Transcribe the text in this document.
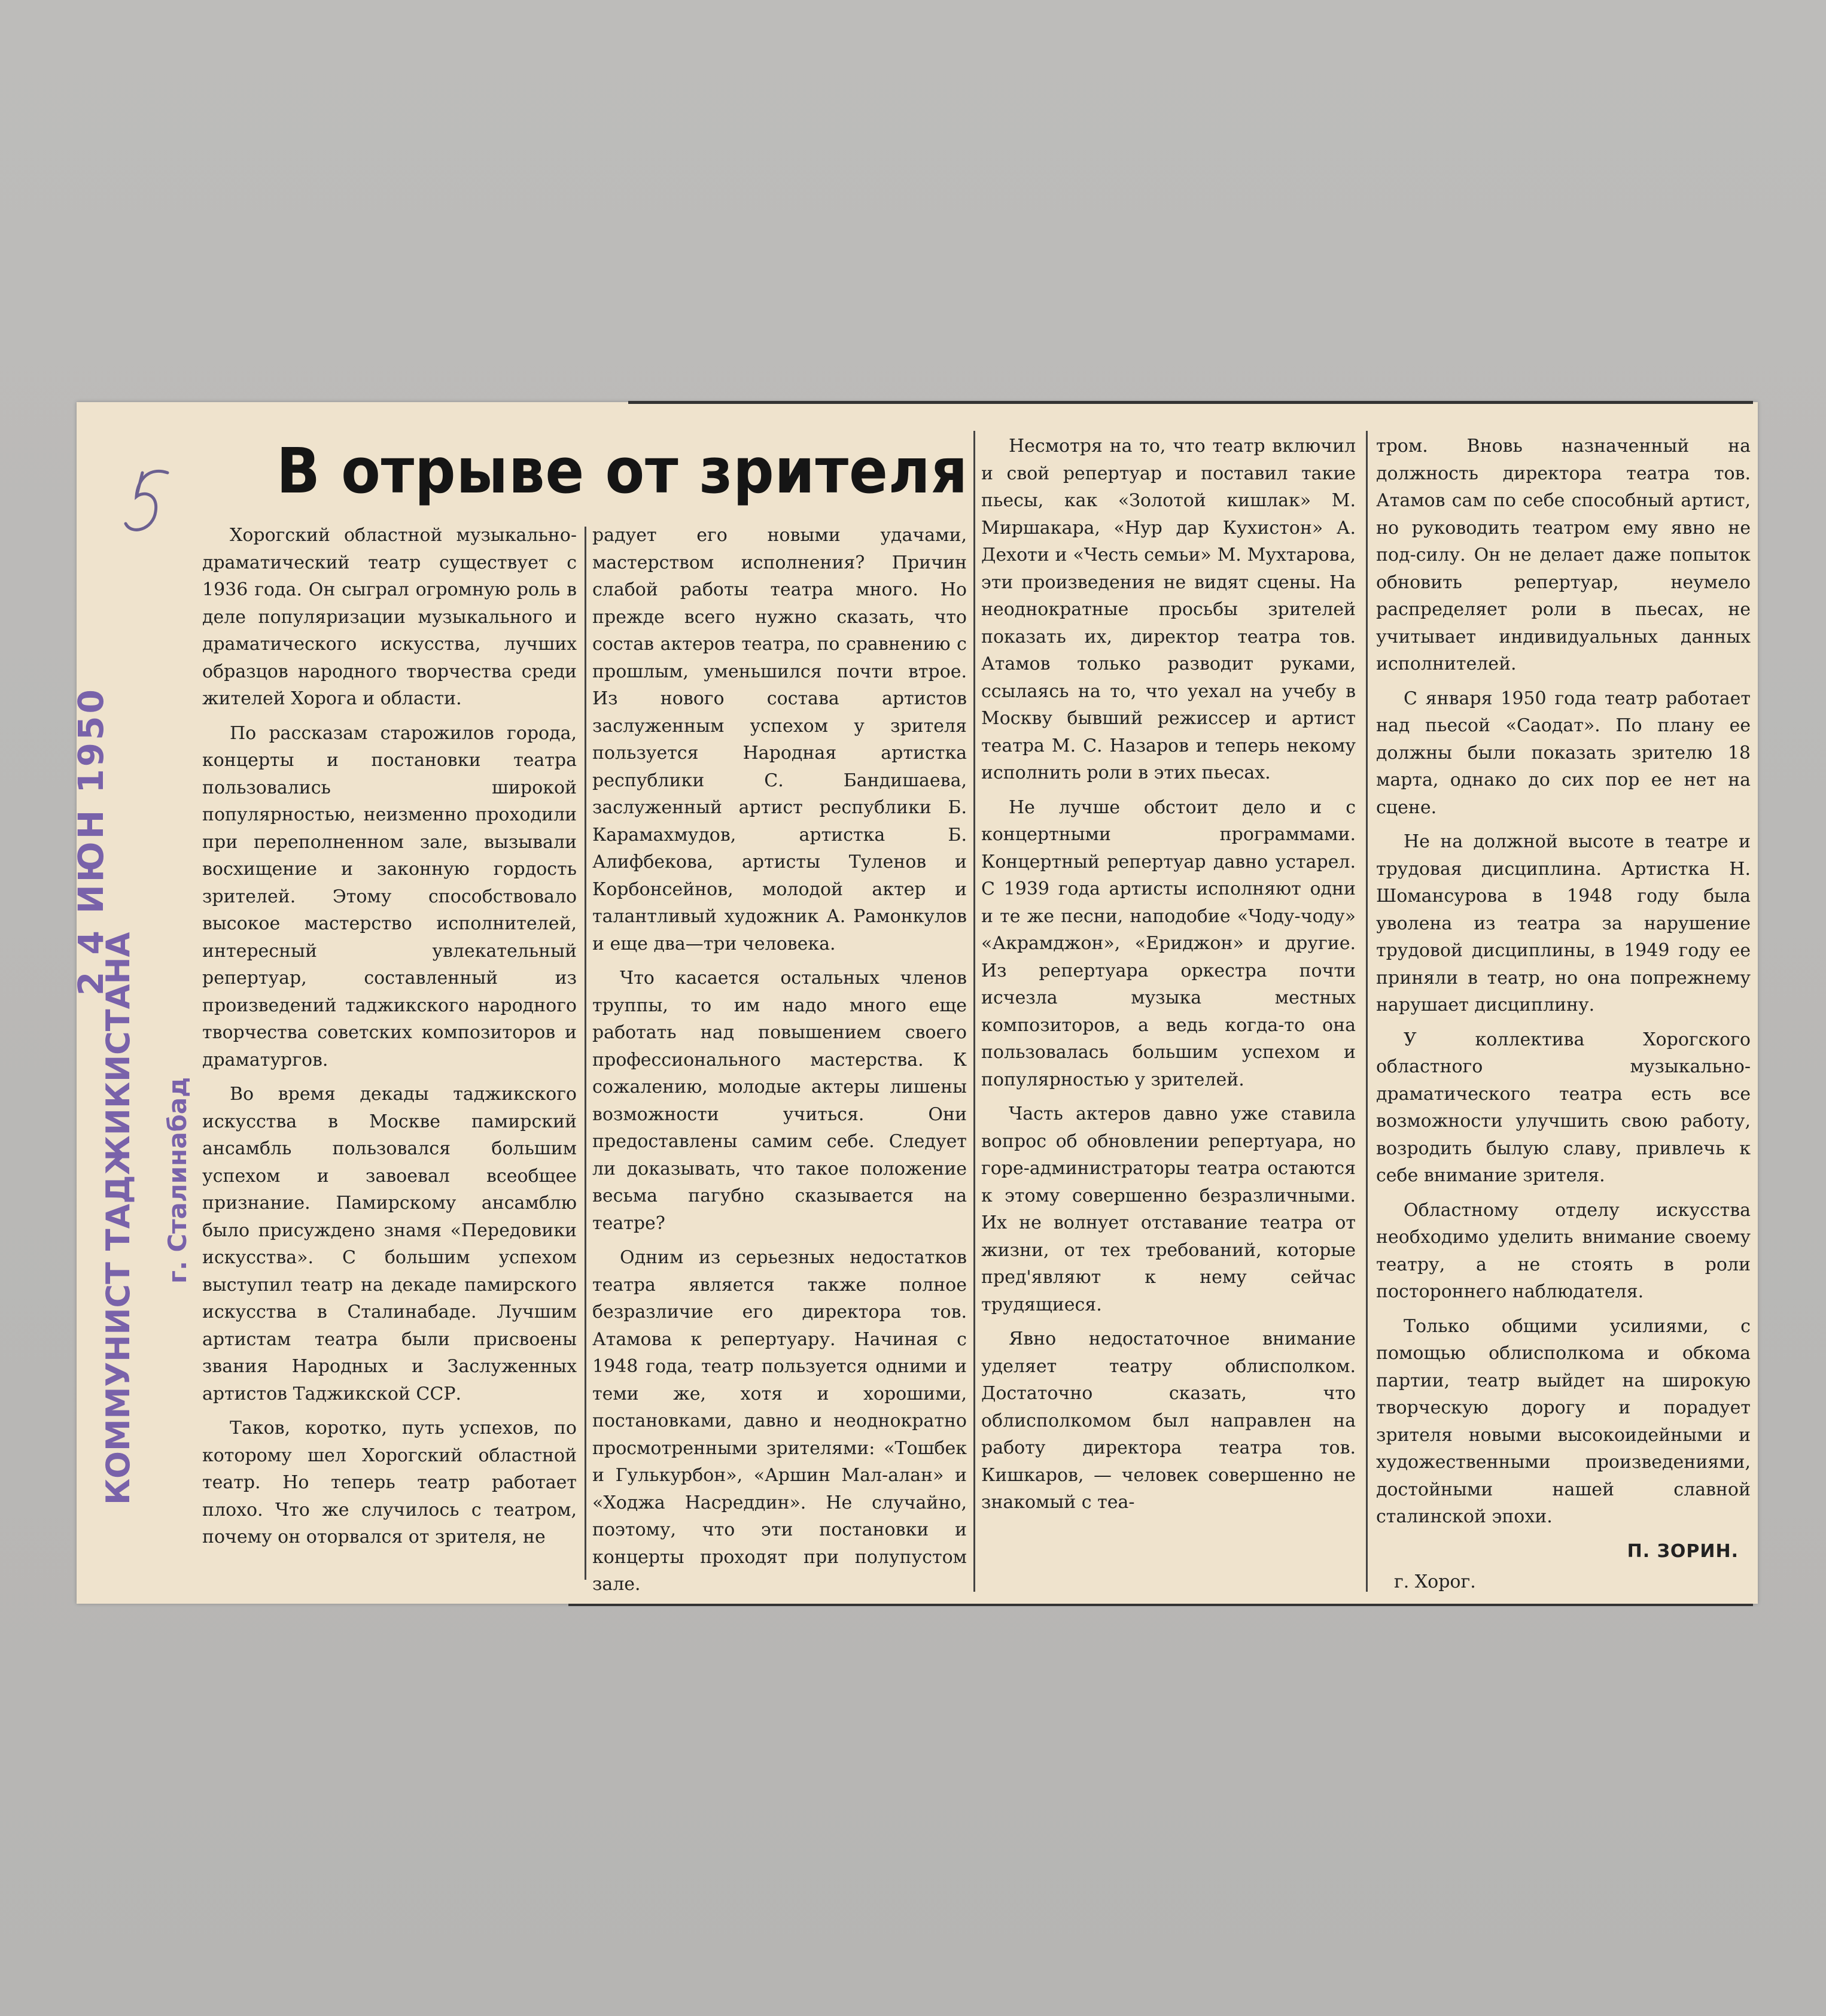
В отрыве от зрителя

Хорогский областной музыкально-драматический театр существует с 1936 года. Он сыграл огромную роль в деле популяризации музыкального и драматического искусства, лучших образцов народного творчества среди жителей Хорога и области.

По рассказам старожилов города, концерты и постановки театра пользовались широкой популярностью, неизменно проходили при переполненном зале, вызывали восхищение и законную гордость зрителей. Этому способствовало высокое мастерство исполнителей, интересный увлекательный репертуар, составленный из произведений таджикского народного творчества советских композиторов и драматургов.

Во время декады таджикского искусства в Москве памирский ансамбль пользовался большим успехом и завоевал всеобщее признание. Памирскому ансамблю было присуждено знамя «Передовики искусства». С большим успехом выступил театр на декаде памирского искусства в Сталинабаде. Лучшим артистам театра были присвоены звания Народных и Заслуженных артистов Таджикской ССР.

Таков, коротко, путь успехов, по которому шел Хорогский областной театр. Но теперь театр работает плохо. Что же случилось с театром, почему он оторвался от зрителя, не

радует его новыми удачами, мастерством исполнения? Причин слабой работы театра много. Но прежде всего нужно сказать, что состав актеров театра, по сравнению с прошлым, уменьшился почти втрое. Из нового состава артистов заслуженным успехом у зрителя пользуется Народная артистка республики С. Бандишаева, заслуженный артист республики Б. Карамахмудов, артистка Б. Алифбекова, артисты Туленов и Корбонсейнов, молодой актер и талантливый художник А. Рамонкулов и еще два—три человека.

Что касается остальных членов труппы, то им надо много еще работать над повышением своего профессионального мастерства. К сожалению, молодые актеры лишены возможности учиться. Они предоставлены самим себе. Следует ли доказывать, что такое положение весьма пагубно сказывается на театре?

Одним из серьезных недостатков театра является также полное безразличие его директора тов. Атамова к репертуару. Начиная с 1948 года, театр пользуется одними и теми же, хотя и хорошими, постановками, давно и неоднократно просмотренными зрителями: «Тошбек и Гулькурбон», «Аршин Мал-алан» и «Ходжа Насреддин». Не случайно, поэтому, что эти постановки и концерты проходят при полупустом зале.

Несмотря на то, что театр включил и свой репертуар и поставил такие пьесы, как «Золотой кишлак» М. Миршакара, «Нур дар Кухистон» А. Дехоти и «Честь семьи» М. Мухтарова, эти произведения не видят сцены. На неоднократные просьбы зрителей показать их, директор театра тов. Атамов только разводит руками, ссылаясь на то, что уехал на учебу в Москву бывший режиссер и артист театра М. С. Назаров и теперь некому исполнить роли в этих пьесах.

Не лучше обстоит дело и с концертными программами. Концертный репертуар давно устарел. С 1939 года артисты исполняют одни и те же песни, наподобие «Чоду-чоду» «Акрамджон», «Ериджон» и другие. Из репертуара оркестра почти исчезла музыка местных композиторов, а ведь когда-то она пользовалась большим успехом и популярностью у зрителей.

Часть актеров давно уже ставила вопрос об обновлении репертуара, но горе-администраторы театра остаются к этому совершенно безразличными. Их не волнует отставание театра от жизни, от тех требований, которые пред'являют к нему сейчас трудящиеся.

Явно недостаточное внимание уделяет театру облисполком. Достаточно сказать, что облисполкомом был направлен на работу директора театра тов. Кишкаров, — человек совершенно не знакомый с теа-

тром. Вновь назначенный на должность директора театра тов. Атамов сам по себе способный артист, но руководить театром ему явно не под-силу. Он не делает даже попыток обновить репертуар, неумело распределяет роли в пьесах, не учитывает индивидуальных данных исполнителей.

С января 1950 года театр работает над пьесой «Саодат». По плану ее должны были показать зрителю 18 марта, однако до сих пор ее нет на сцене.

Не на должной высоте в театре и трудовая дисциплина. Артистка Н. Шомансурова в 1948 году была уволена из театра за нарушение трудовой дисциплины, в 1949 году ее приняли в театр, но она попрежнему нарушает дисциплину.

У коллектива Хорогского областного музыкально-драматического театра есть все возможности улучшить свою работу, возродить былую славу, привлечь к себе внимание зрителя.

Областному отделу искусства необходимо уделить внимание своему театру, а не стоять в роли постороннего наблюдателя.

Только общими усилиями, с помощью облисполкома и обкома партии, театр выйдет на широкую творческую дорогу и порадует зрителя новыми высокоидейными и художественными произведениями, достойными нашей славной сталинской эпохи.

П. ЗОРИН.
г. Хорог.
2 4 ИЮН 1950
КОММУНИСТ ТАДЖИКИСТАНА г. Сталинабад
